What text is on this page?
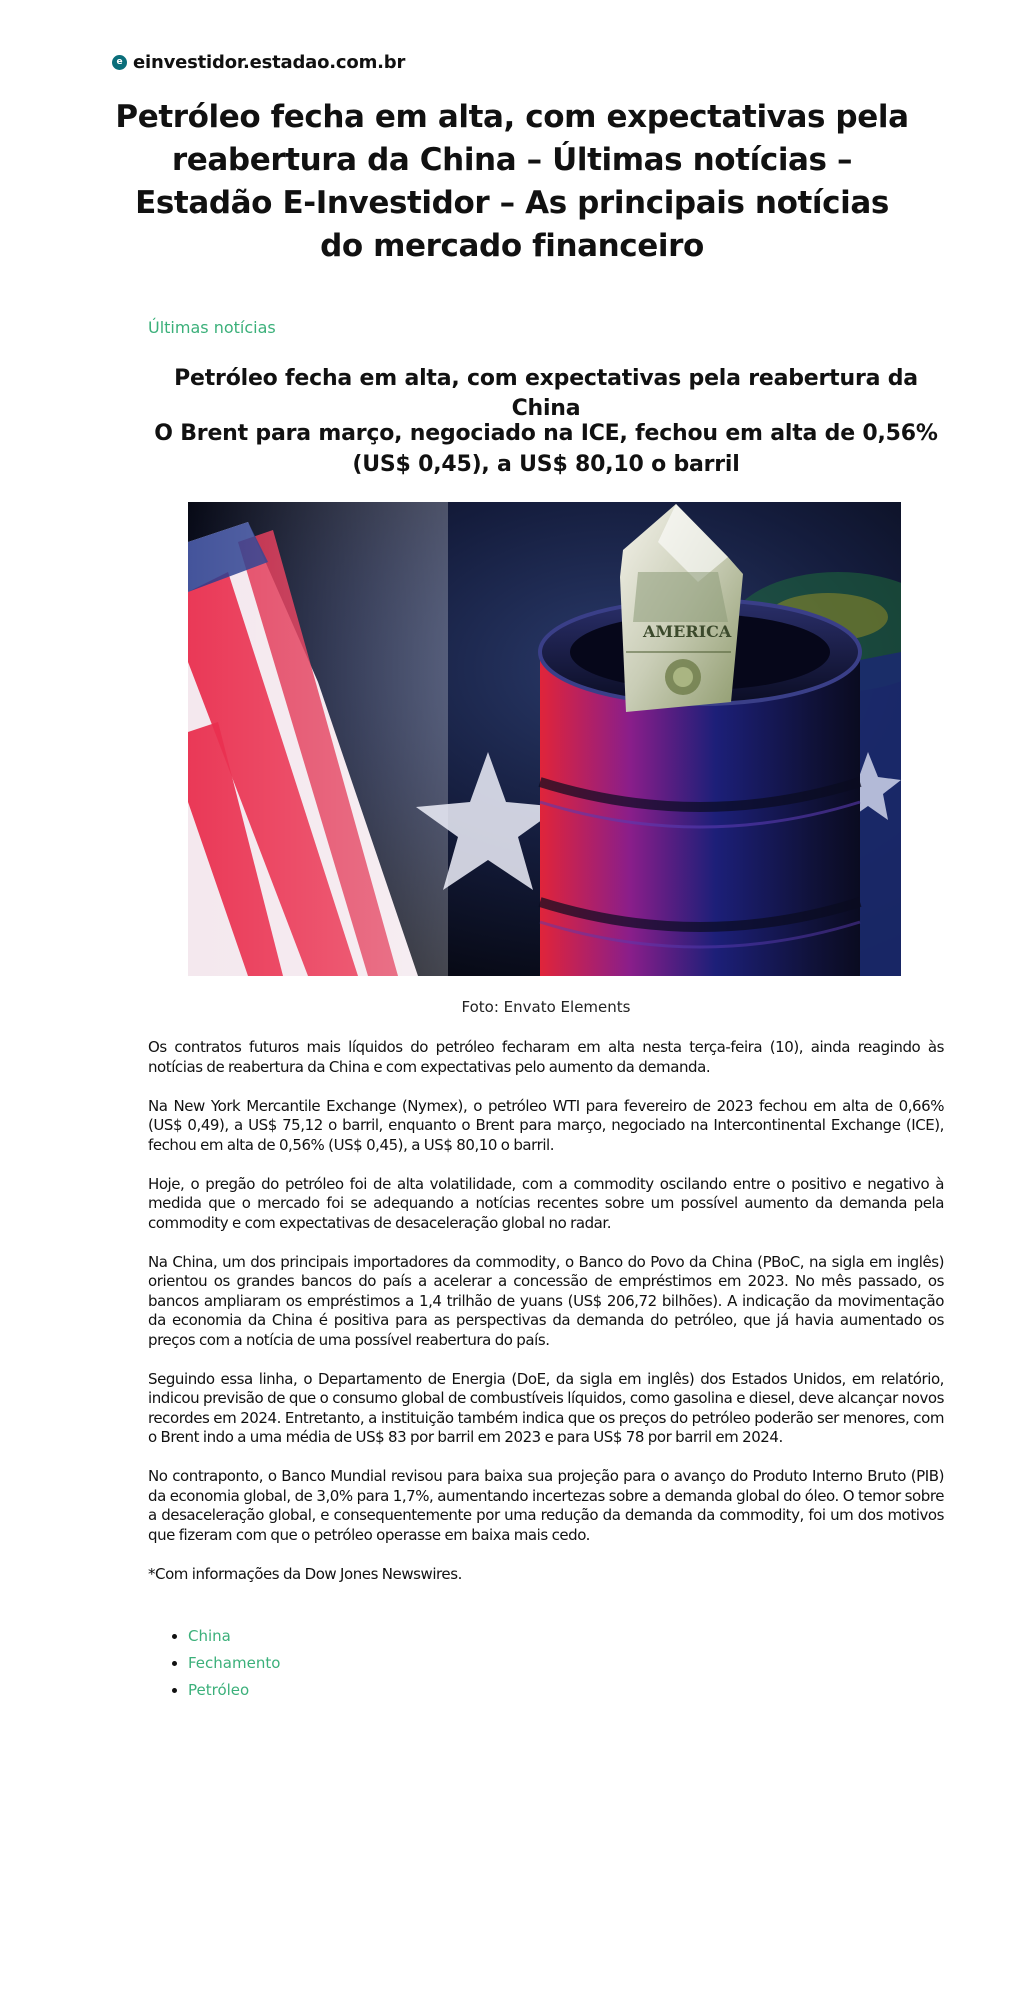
e einvestidor.estadao.com.br
Petróleo fecha em alta, com expectativas pela reabertura da China – Últimas notícias – Estadão E-Investidor – As principais notícias do mercado financeiro
Últimas notícias
Petróleo fecha em alta, com expectativas pela reabertura da China
O Brent para março, negociado na ICE, fechou em alta de 0,56% (US$ 0,45), a US$ 80,10 o barril
AMERICA
Foto: Envato Elements

Os contratos futuros mais líquidos do petróleo fecharam em alta nesta terça-feira (10), ainda reagindo às notícias de reabertura da China e com expectativas pelo aumento da demanda.

Na New York Mercantile Exchange (Nymex), o petróleo WTI para fevereiro de 2023 fechou em alta de 0,66% (US$ 0,49), a US$ 75,12 o barril, enquanto o Brent para março, negociado na Intercontinental Exchange (ICE), fechou em alta de 0,56% (US$ 0,45), a US$ 80,10 o barril.

Hoje, o pregão do petróleo foi de alta volatilidade, com a commodity oscilando entre o positivo e negativo à medida que o mercado foi se adequando a notícias recentes sobre um possível aumento da demanda pela commodity e com expectativas de desaceleração global no radar.

Na China, um dos principais importadores da commodity, o Banco do Povo da China (PBoC, na sigla em inglês) orientou os grandes bancos do país a acelerar a concessão de empréstimos em 2023. No mês passado, os bancos ampliaram os empréstimos a 1,4 trilhão de yuans (US$ 206,72 bilhões). A indicação da movimentação da economia da China é positiva para as perspectivas da demanda do petróleo, que já havia aumentado os preços com a notícia de uma possível reabertura do país.

Seguindo essa linha, o Departamento de Energia (DoE, da sigla em inglês) dos Estados Unidos, em relatório, indicou previsão de que o consumo global de combustíveis líquidos, como gasolina e diesel, deve alcançar novos recordes em 2024. Entretanto, a instituição também indica que os preços do petróleo poderão ser menores, com o Brent indo a uma média de US$ 83 por barril em 2023 e para US$ 78 por barril em 2024.

No contraponto, o Banco Mundial revisou para baixa sua projeção para o avanço do Produto Interno Bruto (PIB) da economia global, de 3,0% para 1,7%, aumentando incertezas sobre a demanda global do óleo. O temor sobre a desaceleração global, e consequentemente por uma redução da demanda da commodity, foi um dos motivos que fizeram com que o petróleo operasse em baixa mais cedo.

*Com informações da Dow Jones Newswires.

• China
• Fechamento
• Petróleo
